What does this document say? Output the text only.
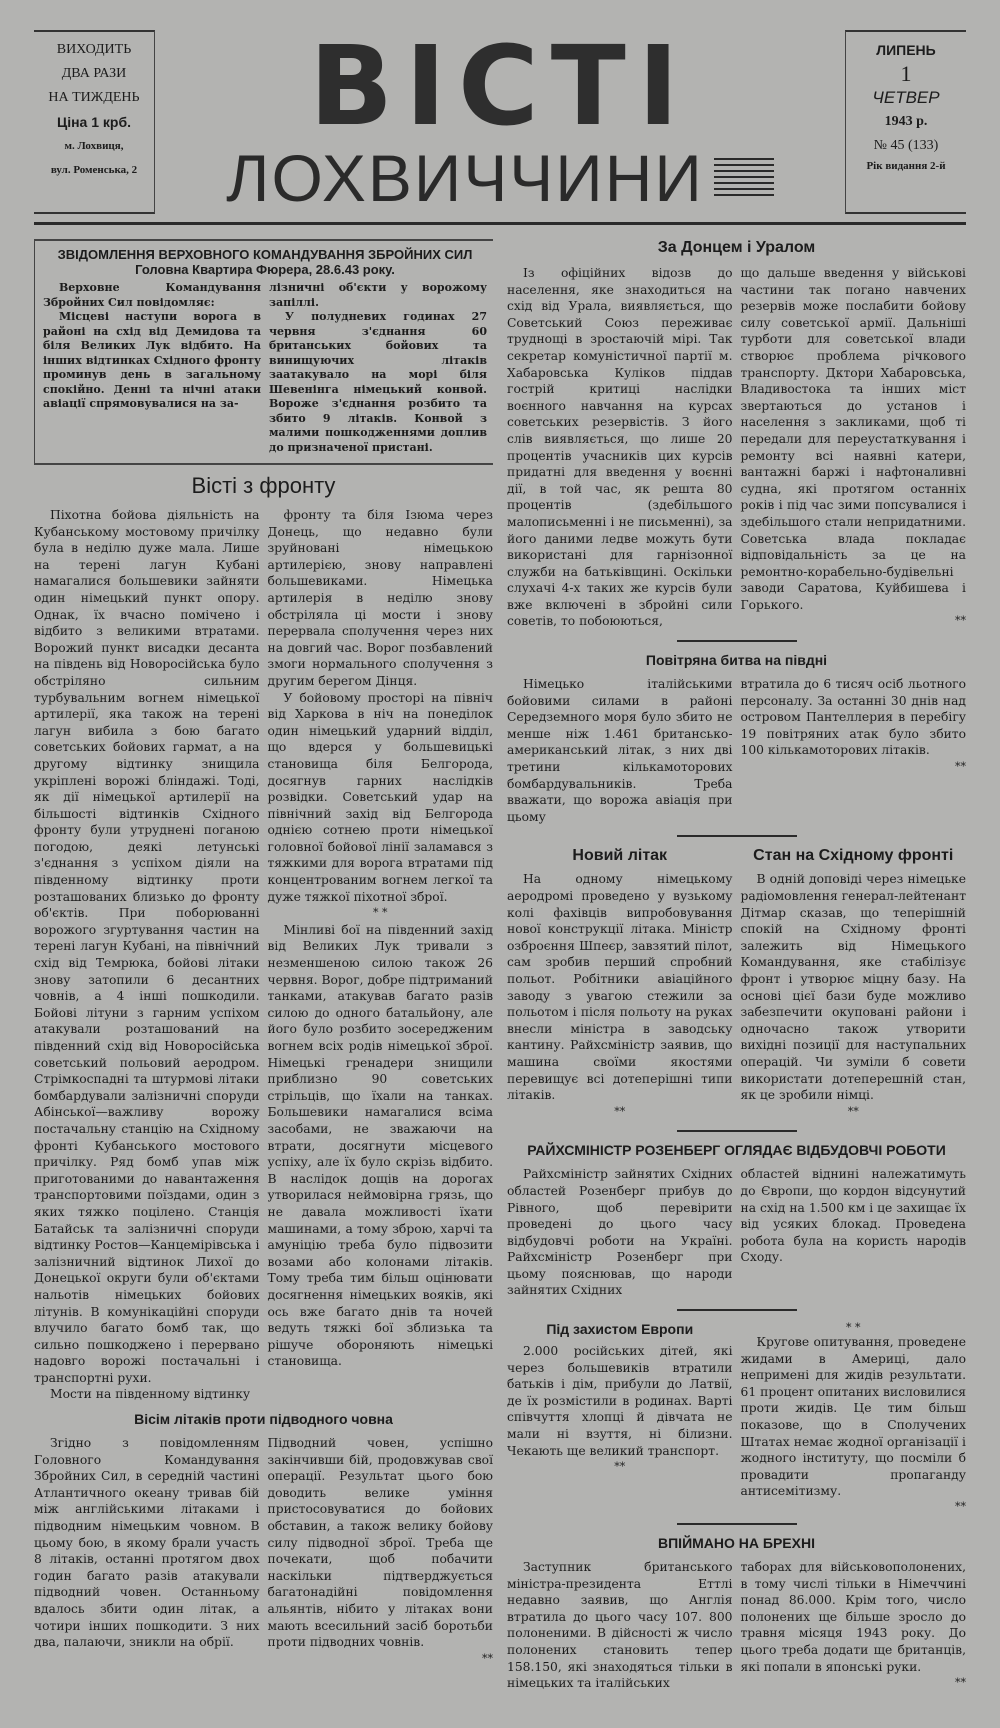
ВИХОДИТЬ
ДВА РАЗИ
НА ТИЖДЕНЬ
Ціна 1 крб.
м. Лохвиця,
вул. Роменська, 2
ВІСТІ
ЛОХВИЧЧИНИ
ЛИПЕНЬ
1
ЧЕТВЕР
1943 р.
№ 45 (133)
Рік видання 2-й
ЗВІДОМЛЕННЯ ВЕРХОВНОГО КОМАНДУВАННЯ ЗБРОЙНИХ СИЛ
Головна Квартира Фюрера, 28.6.43 року.

Верховне Командування Збройних Сил повідомляє:

Місцеві наступи ворога в районі на схід від Демидова та біля Великих Лук відбито. На інших відтинках Східного фронту проминув день в загальному спокійно. Денні та нічні атаки авіації спрямовувалися на за-

лізничні об'єкти у ворожому запіллі.

У полудневих годинах 27 червня з'єднання 60 британських бойових та винищуючих літаків заатакувало на морі біля Шевенінга німецький конвой. Вороже з'єднання розбито та збито 9 літаків. Конвой з малими пошкодженнями доплив до призначеної пристані.

Вісті з фронту

Піхотна бойова діяльність на Кубанському мостовому причілку була в неділю дуже мала. Лише на терені лагун Кубані намагалися большевики зайняти один німецький пункт опору. Однак, їх вчасно помічено і відбито з великими втратами. Ворожий пункт висадки десанта на південь від Новоросійська було обстріляно сильним турбувальним вогнем німецької артилерії, яка також на терені лагун вибила з бою багато советських бойових гармат, а на другому відтинку знищила укріплені ворожі бліндажі. Тоді, як дії німецької артилерії на більшості відтинків Східного фронту були утруднені поганою погодою, деякі летунські з'єднання з успіхом діяли на південному відтинку проти розташованих близько до фронту об'єктів. При поборюванні ворожого згуртування частин на терені лагун Кубані, на північний схід від Темрюка, бойові літаки знову затопили 6 десантних човнів, а 4 інші пошкодили. Бойові літуни з гарним успіхом атакували розташований на південний схід від Новоросійська советський польовий аеродром. Стрімкоспадні та штурмові літаки бомбардували залізничні споруди Абінської—важливу ворожу постачальну станцію на Східному фронті Кубанського мостового причілку. Ряд бомб упав між приготованими до навантаження транспортовими поїздами, один з яких тяжко поцілено. Станція Батайськ та залізничні споруди відтинку Ростов—Канцемірівська і залізничний відтинок Лихої до Донецької округи були об'єктами нальотів німецьких бойових літунів. В комунікаційні споруди влучило багато бомб так, що сильно пошкоджено і перервано надовго ворожі постачальні і транспортні рухи.

Мости на південному відтинку

фронту та біля Ізюма через Донець, що недавно були зруйновані німецькою артилерією, знову направлені большевиками. Німецька артилерія в неділю знову обстріляла ці мости і знову перервала сполучення через них на довгий час. Ворог позбавлений змоги нормального сполучення з другим берегом Дінця.

У бойовому просторі на північ від Харкова в ніч на понеділок один німецький ударний відділ, що вдерся у большевицькі становища біля Белгорода, досягнув гарних наслідків розвідки. Советський удар на північний захід від Белгорода однією сотнею проти німецької головної бойової лінії заламався з тяжкими для ворога втратами під концентрованим вогнем легкої та дуже тяжкої піхотної зброї.

* *

Мінливі бої на південний захід від Великих Лук тривали з незменшеною силою також 26 червня. Ворог, добре підтриманий танками, атакував багато разів силою до одного батальйону, але його було розбито зосередженим вогнем всіх родів німецької зброї. Німецькі гренадери знищили приблизно 90 советських стрільців, що їхали на танках. Большевики намагалися всіма засобами, не зважаючи на втрати, досягнути місцевого успіху, але їх було скрізь відбито. В наслідок дощів на дорогах утворилася неймовірна грязь, що не давала можливості їхати машинами, а тому зброю, харчі та амуніцію треба було підвозити возами або колонами літаків. Тому треба тим більш оцінювати досягнення німецьких вояків, які ось вже багато днів та ночей ведуть тяжкі бої зблизька та рішуче обороняють німецькі становища.

Вісім літаків проти підводного човна

Згідно з повідомленням Головного Командування Збройних Сил, в середній частині Атлантичного океану тривав бій між англійськими літаками і підводним німецьким човном. В цьому бою, в якому брали участь 8 літаків, останні протягом двох годин багато разів атакували підводний човен. Останньому вдалось збити один літак, а чотири інших пошкодити. З них два, палаючи, зникли на обрії.

Підводний човен, успішно закінчивши бій, продовжував свої операції. Результат цього бою доводить велике уміння пристосовуватися до бойових обставин, а також велику бойову силу підводної зброї. Треба ще почекати, щоб побачити наскільки підтверджується багатонадійні повідомлення альянтів, нібито у літаках вони мають всесильний засіб боротьби проти підводних човнів.

**
За Донцем і Уралом

Із офіційних відозв до населення, яке знаходиться на схід від Урала, виявляється, що Советський Союз переживає труднощі в зростаючій мірі. Так секретар комуністичної партії м. Хабаровська Куліков піддав гострій критиці наслідки воєнного навчання на курсах советських резервістів. З його слів виявляється, що лише 20 процентів учасників цих курсів придатні для введення у воєнні дії, в той час, як решта 80 процентів (здебільшого малописьменні і не письменні), за його даними ледве можуть бути використані для гарнізонної служби на батьківщині. Оскільки слухачі 4-х таких же курсів були вже включені в збройні сили советів, то побоюються,

що дальше введення у військові частини так погано навчених резервів може послабити бойову силу советської армії. Дальніші турботи для советської влади створює проблема річкового транспорту. Дктори Хабаровська, Владивостока та інших міст звертаються до установ і населення з закликами, щоб ті передали для переустаткування і ремонту всі наявні катери, вантажні баржі і нафтоналивні судна, які протягом останніх років і під час зими попсувалися і здебільшого стали непридатними. Советська влада покладає відповідальність за це на ремонтно-корабельно-будівельні заводи Саратова, Куйбишева і Горького.

**
Повітряна битва на півдні

Німецько італійськими бойовими силами в районі Середземного моря було збито не менше ніж 1.461 британсько-американський літак, з них дві третини кількамоторових бомбардувальників. Треба вважати, що ворожа авіація при цьому

втратила до 6 тисяч осіб льотного персоналу. За останні 30 днів над островом Пантеллерия в перебігу 19 повітряних атак було збито 100 кількамоторових літаків.

**
Новий літак

На одному німецькому аеродромі проведено у вузькому колі фахівців випробовування нової конструкції літака. Міністр озброєння Шпеєр, завзятий пілот, сам зробив перший спробний польот. Робітники авіаційного заводу з увагою стежили за польотом і після польоту на руках внесли міністра в заводську кантину. Райхсміністр заявив, що машина своїми якостями перевищує всі дотеперішні типи літаків.

**
Стан на Східному фронті

В одній доповіді через німецьке радіомовлення генерал-лейтенант Дітмар сказав, що теперішній спокій на Східному фронті залежить від Німецького Командування, яке стабілізує фронт і утворює міцну базу. На основі цієї бази буде можливо забезпечити окуповані райони і одночасно також утворити вихідні позиції для наступальних операцій. Чи зуміли б совети використати дотеперешній стан, як це зробили німці.

**
РАЙХСМІНІСТР РОЗЕНБЕРГ ОГЛЯДАЄ ВІДБУДОВЧІ РОБОТИ

Райхсміністр зайнятих Східних областей Розенберг прибув до Рівного, щоб перевірити проведені до цього часу відбудовчі роботи на Україні. Райхсміністр Розенберг при цьому пояснював, що народи зайнятих Східних

областей віднині належатимуть до Європи, що кордон відсунутий на схід на 1.500 км і це захищає їх від усяких блокад. Проведена робота була на користь народів Сходу.

Під захистом Европи

2.000 російських дітей, які через большевиків втратили батьків і дім, прибули до Латвії, де їх розмістили в родинах. Варті співчуття хлопці й дівчата не мали ні взуття, ні білизни. Чекають ще великий транспорт.

**
* *

Кругове опитування, проведене жидами в Америці, дало непримені для жидів результати. 61 процент опитаних висловилися проти жидів. Це тим більш показове, що в Сполучених Штатах немає жодної організації і жодного інституту, що посміли б провадити пропаганду антисемітизму.

**
ВПІЙМАНО НА БРЕХНІ

Заступник британського міністра-президента Еттлі недавно заявив, що Англія втратила до цього часу 107. 800 полоненими. В дійсності ж число полонених становить тепер 158.150, які знаходяться тільки в німецьких та італійських

таборах для військовополонених, в тому числі тільки в Німеччині понад 86.000. Крім того, число полонених ще більше зросло до травня місяця 1943 року. До цього треба додати ще британців, які попали в японські руки.

**
